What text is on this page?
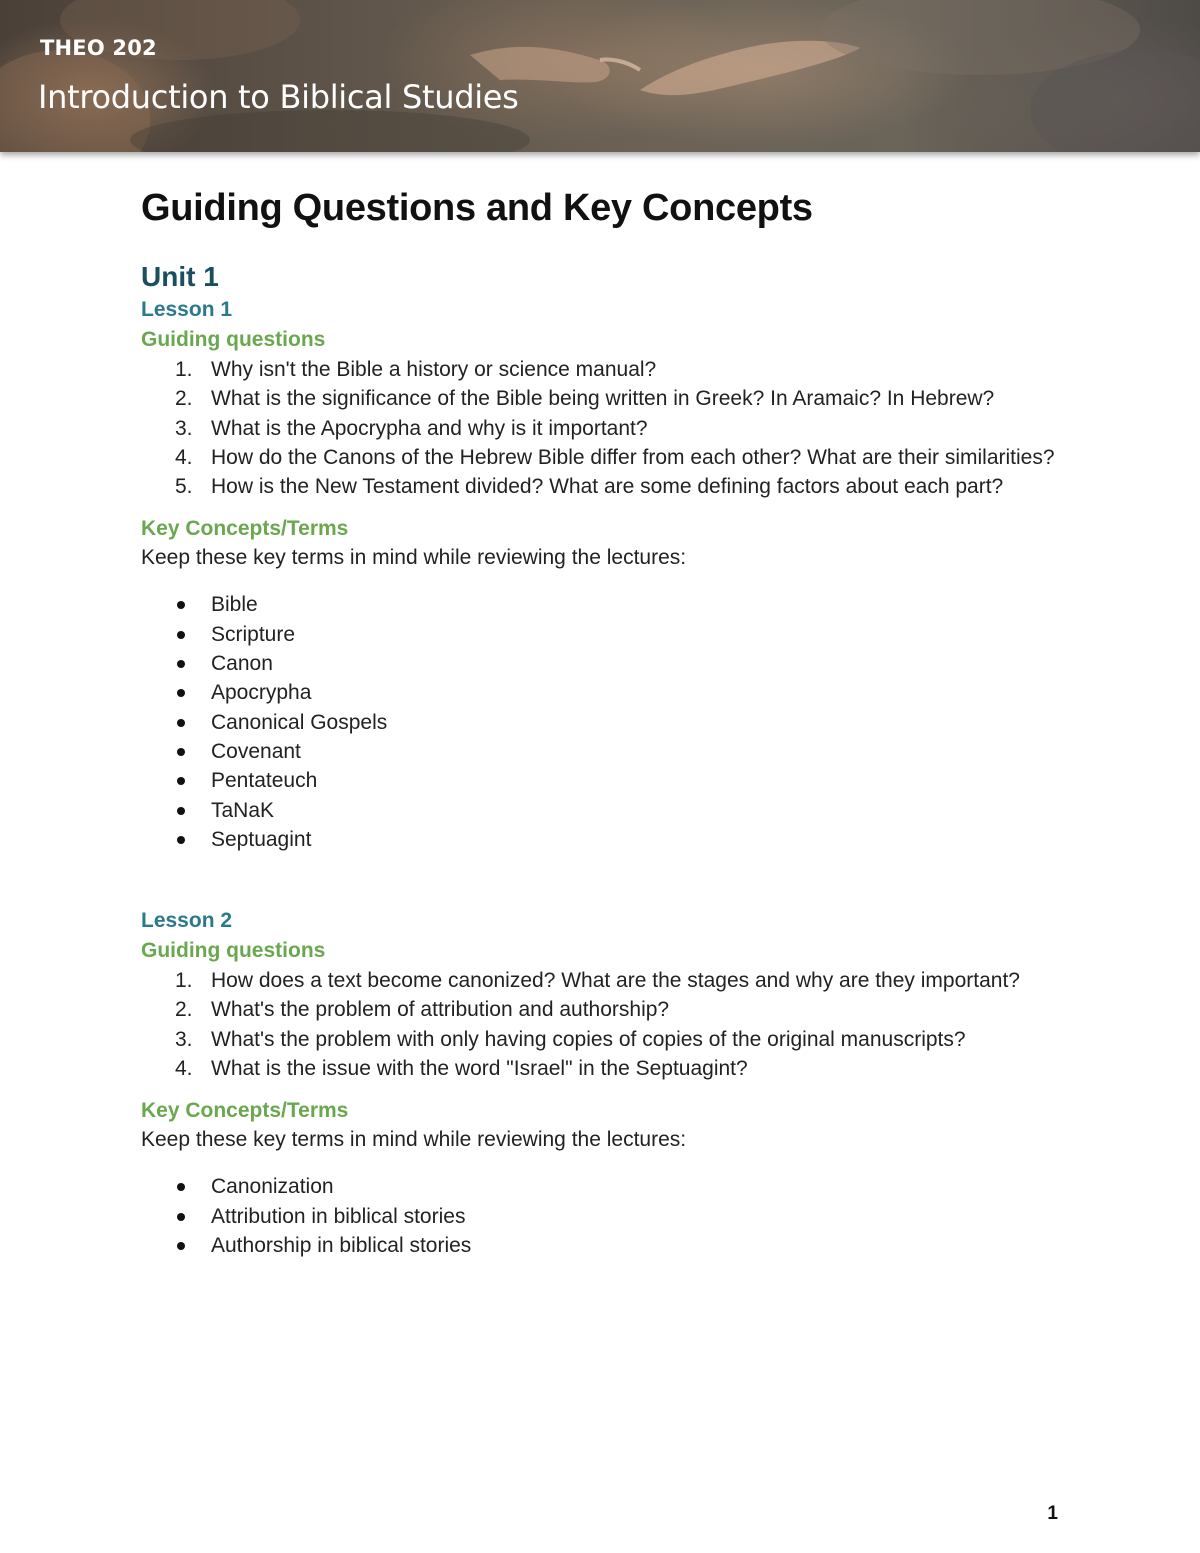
THEO 202
Introduction to Biblical Studies
Guiding Questions and Key Concepts
Unit 1
Lesson 1
Guiding questions
1. Why isn't the Bible a history or science manual?
2. What is the significance of the Bible being written in Greek? In Aramaic? In Hebrew?
3. What is the Apocrypha and why is it important?
4. How do the Canons of the Hebrew Bible differ from each other? What are their similarities?
5. How is the New Testament divided? What are some defining factors about each part?
Key Concepts/Terms

Keep these key terms in mind while reviewing the lectures:

Bible
Scripture
Canon
Apocrypha
Canonical Gospels
Covenant
Pentateuch
TaNaK
Septuagint
Lesson 2
Guiding questions
1. How does a text become canonized? What are the stages and why are they important?
2. What's the problem of attribution and authorship?
3. What's the problem with only having copies of copies of the original manuscripts?
4. What is the issue with the word "Israel" in the Septuagint?
Key Concepts/Terms

Keep these key terms in mind while reviewing the lectures:

Canonization
Attribution in biblical stories
Authorship in biblical stories
1
